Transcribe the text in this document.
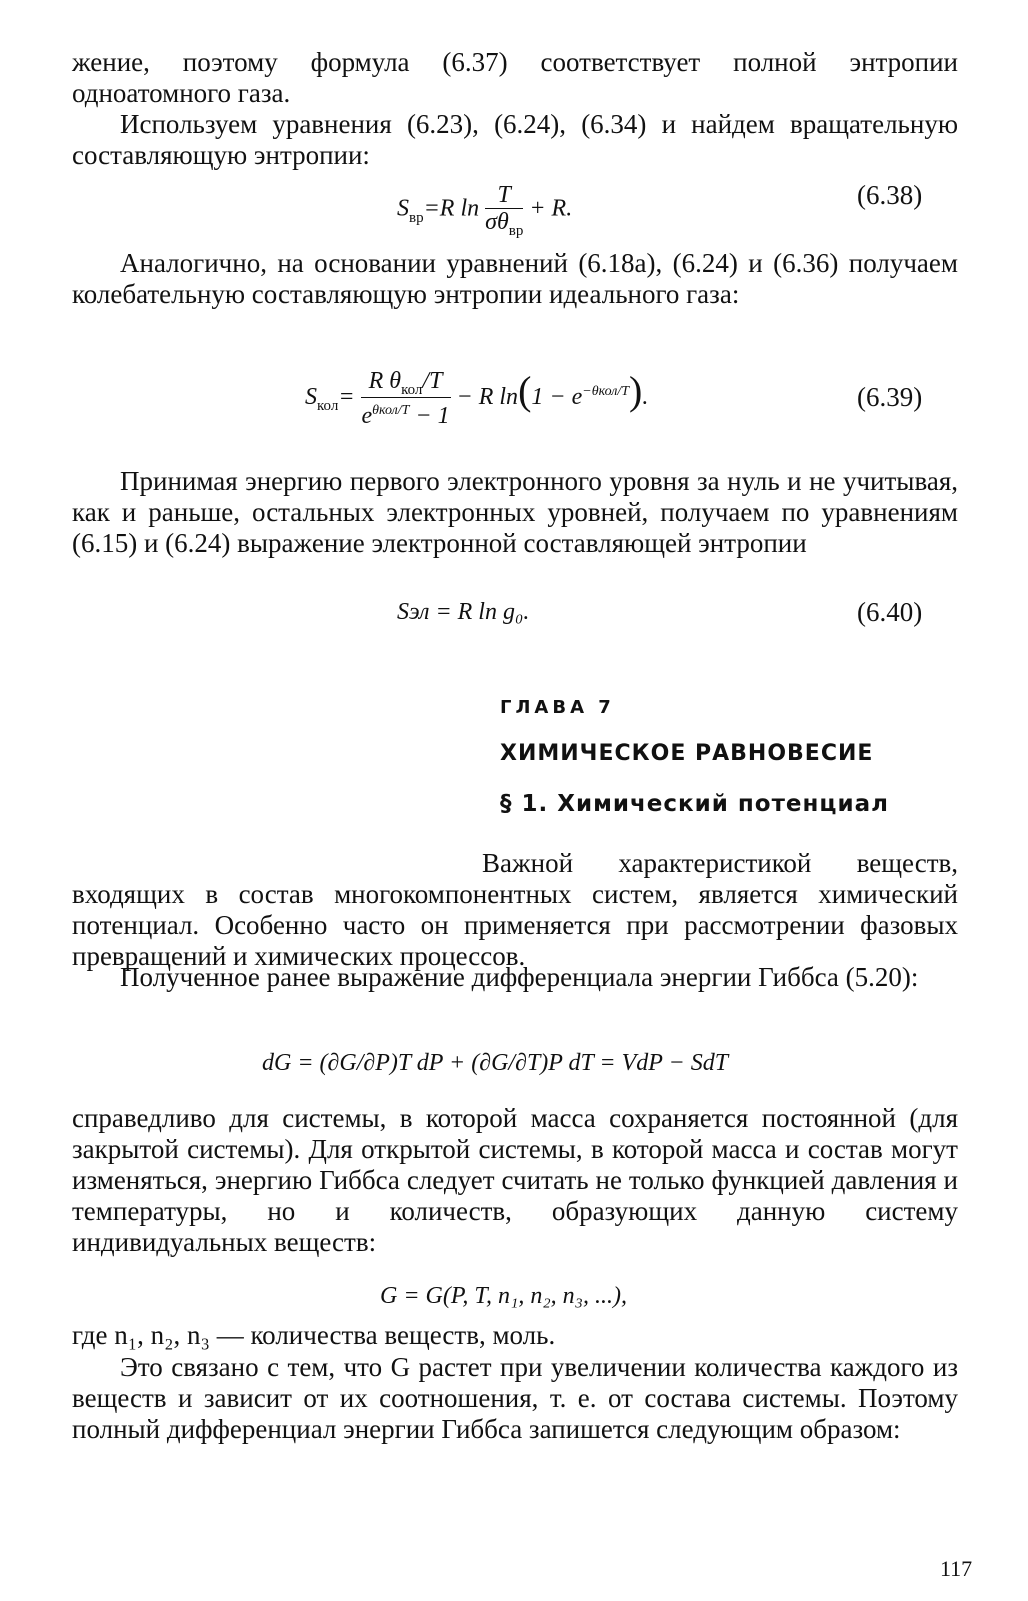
жение, поэтому формула (6.37) соответствует полной энтропии одноатомного газа.
Используем уравнения (6.23), (6.24), (6.34) и найдем вращательную составляющую энтропии:
$S_{вр}=R$ $\ln \frac{T}{\sigma\theta_{вр}} + R$.	(6.38)
Аналогично, на основании уравнений (6.18а), (6.24) и (6.36) получаем колебательную составляющую энтропии идеального газа:
$S_{кол}= \frac{R \theta_{кол}/T}{e^{\theta кол/T} - 1} - R$ $\ln(1 - e^{-\theta кол/T})$.	(6.39)
Принимая энергию первого электронного уровня за нуль и не учитывая, как и раньше, остальных электронных уровней, получаем по уравнениям (6.15) и (6.24) выражение электронной составляющей энтропии
Sэл = R ln g₀.	(6.40)
ГЛАВА 7
ХИМИЧЕСКОЕ РАВНОВЕСИЕ
§ 1. Химический потенциал
Важной характеристикой веществ, входящих в состав многокомпонентных систем, является химический потенциал. Особенно часто он применяется при рассмотрении фазовых превращений и химических процессов.
Полученное ранее выражение дифференциала энергии Гиббса (5.20):
dG = (∂G/∂P)T dP + (∂G/∂T)P dT = VdP − SdT
справедливо для системы, в которой масса сохраняется постоянной (для закрытой системы). Для открытой системы, в которой масса и состав могут изменяться, энергию Гиббса следует считать не только функцией давления и температуры, но и количеств, образующих данную систему индивидуальных веществ:
G = G(P, T, n₁, n₂, n₃, ...),
где n₁, n₂, n₃ — количества веществ, моль.
Это связано с тем, что G растет при увеличении количества каждого из веществ и зависит от их соотношения, т. е. от состава системы. Поэтому полный дифференциал энергии Гиббса запишется следующим образом:
117
